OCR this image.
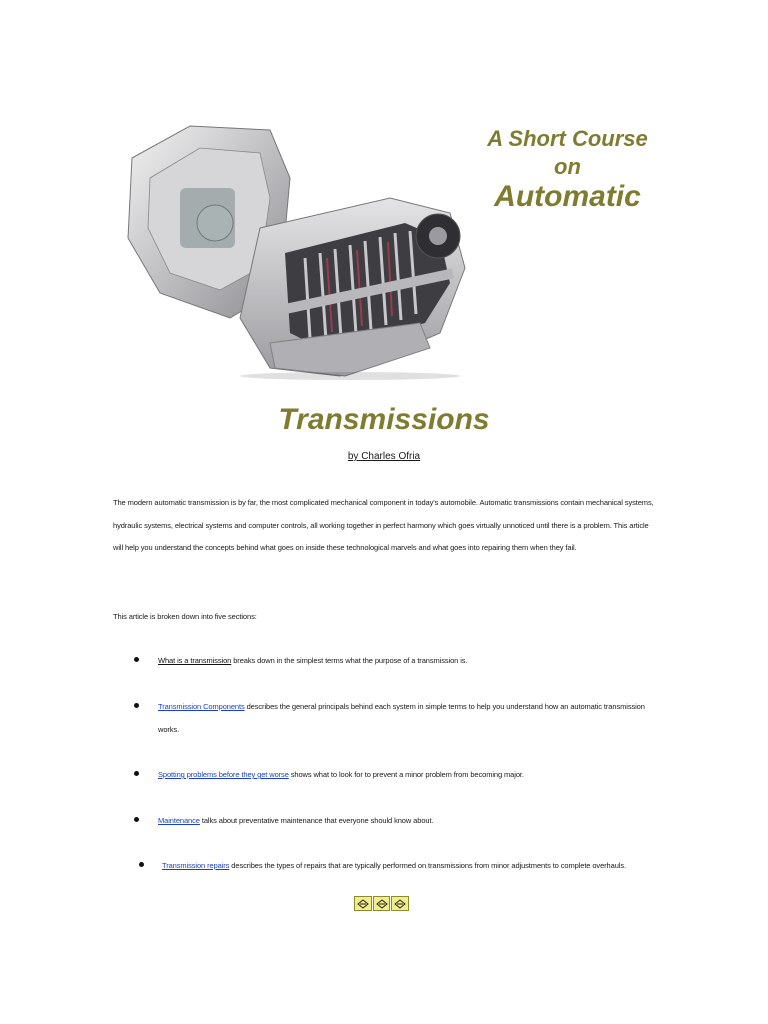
A Short Course
on
Automatic
Transmissions
by Charles Ofria
The modern automatic transmission is by far, the most complicated mechanical component in today's automobile. Automatic transmissions contain mechanical systems, hydraulic systems, electrical systems and computer controls, all working together in perfect harmony which goes virtually unnoticed until there is a problem. This article will help you understand the concepts behind what goes on inside these technological marvels and what goes into repairing them when they fail.
This article is broken down into five sections:
What is a transmission breaks down in the simplest terms what the purpose of a transmission is.
Transmission Components describes the general principals behind each system in simple terms to help you understand how an automatic transmission works.
Spotting problems before they get worse shows what to look for to prevent a minor problem from becoming major.
Maintenance talks about preventative maintenance that everyone should know about.
Transmission repairs describes the types of repairs that are typically performed on transmissions from minor adjustments to complete overhauls.
